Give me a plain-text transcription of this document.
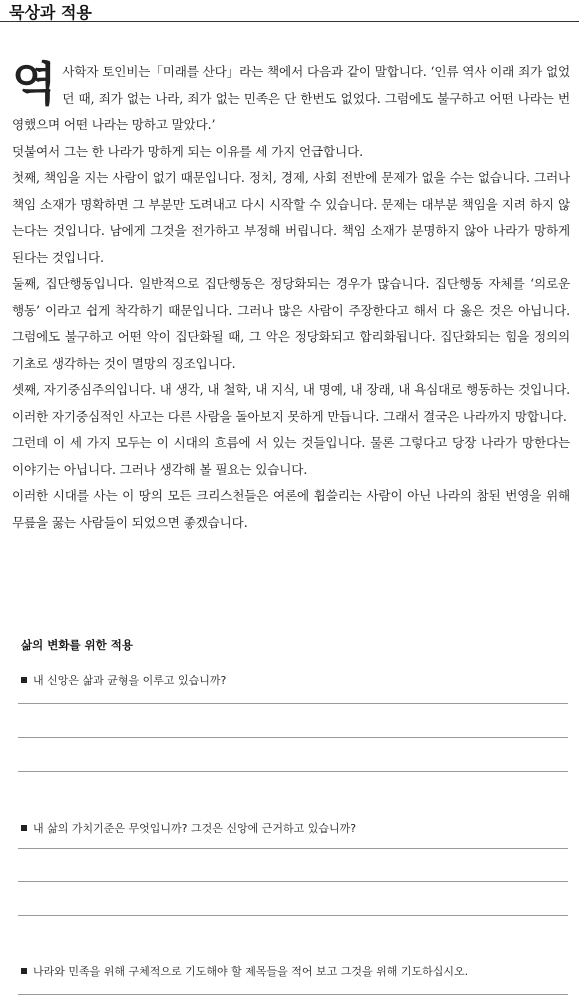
묵상과 적용

역사학자 토인비는「미래를 산다」라는 책에서 다음과 같이 말합니다. ‘인류 역사 이래 죄가 없었던 때, 죄가 없는 나라, 죄가 없는 민족은 단 한번도 없었다. 그럼에도 불구하고 어떤 나라는 번영했으며 어떤 나라는 망하고 말았다.’

덧붙여서 그는 한 나라가 망하게 되는 이유를 세 가지 언급합니다.

첫째, 책임을 지는 사람이 없기 때문입니다. 정치, 경제, 사회 전반에 문제가 없을 수는 없습니다. 그러나 책임 소재가 명확하면 그 부분만 도려내고 다시 시작할 수 있습니다. 문제는 대부분 책임을 지려 하지 않는다는 것입니다. 남에게 그것을 전가하고 부정해 버립니다. 책임 소재가 분명하지 않아 나라가 망하게 된다는 것입니다.

둘째, 집단행동입니다. 일반적으로 집단행동은 정당화되는 경우가 많습니다. 집단행동 자체를 ‘의로운 행동’ 이라고 쉽게 착각하기 때문입니다. 그러나 많은 사람이 주장한다고 해서 다 옳은 것은 아닙니다. 그럼에도 불구하고 어떤 악이 집단화될 때, 그 악은 정당화되고 합리화됩니다. 집단화되는 힘을 정의의 기초로 생각하는 것이 멸망의 징조입니다.

셋째, 자기중심주의입니다. 내 생각, 내 철학, 내 지식, 내 명예, 내 장래, 내 욕심대로 행동하는 것입니다. 이러한 자기중심적인 사고는 다른 사람을 돌아보지 못하게 만듭니다. 그래서 결국은 나라까지 망합니다.

그런데 이 세 가지 모두는 이 시대의 흐름에 서 있는 것들입니다. 물론 그렇다고 당장 나라가 망한다는 이야기는 아닙니다. 그러나 생각해 볼 필요는 있습니다.

이러한 시대를 사는 이 땅의 모든 크리스천들은 여론에 휩쓸리는 사람이 아닌 나라의 참된 번영을 위해 무릎을 꿇는 사람들이 되었으면 좋겠습니다.

삶의 변화를 위한 적용
내 신앙은 삶과 균형을 이루고 있습니까?
내 삶의 가치기준은 무엇입니까? 그것은 신앙에 근거하고 있습니까?
나라와 민족을 위해 구체적으로 기도해야 할 제목들을 적어 보고 그것을 위해 기도하십시오.
